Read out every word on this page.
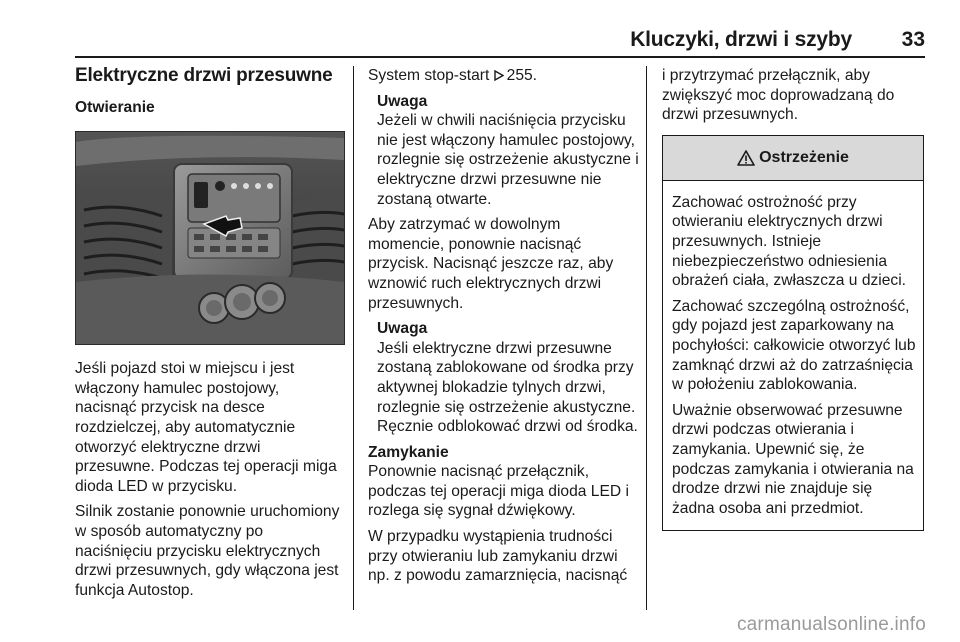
Kluczyki, drzwi i szyby 33
Elektryczne drzwi przesuwne
Otwieranie

Jeśli pojazd stoi w miejscu i jest włączony hamulec postojowy, nacisnąć przycisk na desce rozdzielczej, aby automatycznie otworzyć elektryczne drzwi przesuwne. Podczas tej operacji miga dioda LED w przycisku.

Silnik zostanie ponownie uruchomiony w sposób automatyczny po naciśnięciu przycisku elektrycznych drzwi przesuwnych, gdy włączona jest funkcja Autostop.

System stop-start 255.

Uwaga
Jeżeli w chwili naciśnięcia przycisku nie jest włączony hamulec postojowy, rozlegnie się ostrzeżenie akustyczne i elektryczne drzwi przesuwne nie zostaną otwarte.

Aby zatrzymać w dowolnym momencie, ponownie nacisnąć przycisk. Nacisnąć jeszcze raz, aby wznowić ruch elektrycznych drzwi przesuwnych.

Uwaga
Jeśli elektryczne drzwi przesuwne zostaną zablokowane od środka przy aktywnej blokadzie tylnych drzwi, rozlegnie się ostrzeżenie akustyczne. Ręcznie odblokować drzwi od środka.
Zamykanie

Ponownie nacisnąć przełącznik, podczas tej operacji miga dioda LED i rozlega się sygnał dźwiękowy.

W przypadku wystąpienia trudności przy otwieraniu lub zamykaniu drzwi np. z powodu zamarznięcia, nacisnąć

i przytrzymać przełącznik, aby zwiększyć moc doprowadzaną do drzwi przesuwnych.

Ostrzeżenie

Zachować ostrożność przy otwieraniu elektrycznych drzwi przesuwnych. Istnieje niebezpieczeństwo odniesienia obrażeń ciała, zwłaszcza u dzieci.

Zachować szczególną ostrożność, gdy pojazd jest zaparkowany na pochyłości: całkowicie otworzyć lub zamknąć drzwi aż do zatrzaśnięcia w położeniu zablokowania.

Uważnie obserwować przesuwne drzwi podczas otwierania i zamykania. Upewnić się, że podczas zamykania i otwierania na drodze drzwi nie znajduje się żadna osoba ani przedmiot.

carmanualsonline.info
